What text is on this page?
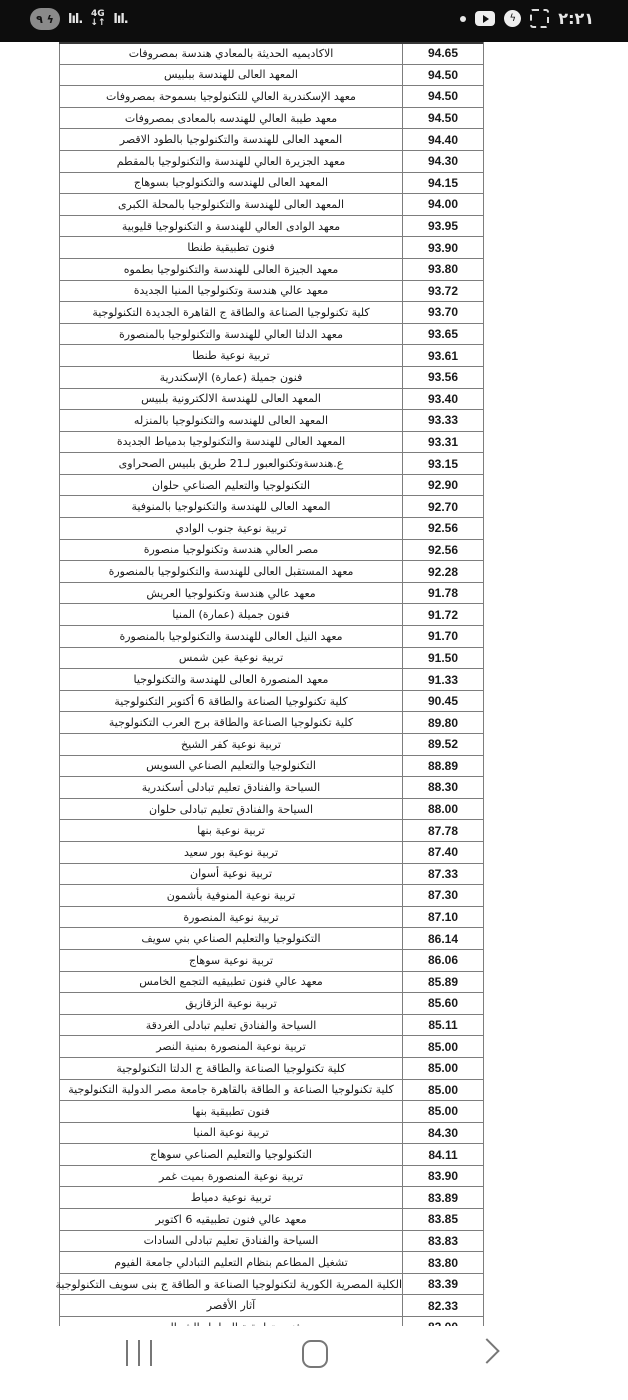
٩ ϟ	lıl. 4G
↓↑ lıl.	ϟ	٢:٢١
الاكاديميه الحديثة بالمعادي هندسة بمصروفات	94.65
المعهد العالى للهندسة ببلبيس	94.50
معهد الإسكندرية العالي للتكنولوجيا بسموحة بمصروفات	94.50
معهد طيبة العالي للهندسه بالمعادى بمصروفات	94.50
المعهد العالى للهندسة والتكنولوجيا بالطود الاقصر	94.40
معهد الجزيرة العالي للهندسة والتكنولوجيا بالمقطم	94.30
المعهد العالى للهندسه والتكنولوجيا بسوهاج	94.15
المعهد العالى للهندسة والتكنولوجيا بالمحلة الكبرى	94.00
معهد الوادى العالي للهندسة و التكنولوجيا قليوبية	93.95
فنون تطبيقية طنطا	93.90
معهد الجيزة العالى للهندسة والتكنولوجيا بطموه	93.80
معهد عالي هندسة وتكنولوجيا المنيا الجديدة	93.72
كلية تكنولوجيا الصناعة والطاقة ج القاهرة الجديدة التكنولوجية	93.70
معهد الدلتا العالي للهندسة والتكنولوجيا بالمنصورة	93.65
تربية نوعية طنطا	93.61
فنون جميلة (عمارة) الإسكندرية	93.56
المعهد العالى للهندسة الالكترونية بلبيس	93.40
المعهد العالى للهندسه والتكنولوجيا بالمنزله	93.33
المعهد العالى للهندسة والتكنولوجيا بدمياط الجديدة	93.31
ع.هندسةوتكنوالعبور لـ21 طريق بلبيس الصحراوى	93.15
التكنولوجيا والتعليم الصناعي حلوان	92.90
المعهد العالى للهندسة والتكنولوجيا بالمنوفية	92.70
تربية نوعية جنوب الوادي	92.56
مصر العالي هندسة وتكنولوجيا منصورة	92.56
معهد المستقبل العالى للهندسة والتكنولوجيا بالمنصورة	92.28
معهد عالي هندسة وتكنولوجيا العريش	91.78
فنون جميلة (عمارة) المنيا	91.72
معهد النيل العالى للهندسة والتكنولوجيا بالمنصورة	91.70
تربية نوعية عين شمس	91.50
معهد المنصورة العالى للهندسة والتكنولوجيا	91.33
كلية تكنولوجيا الصناعة والطاقة 6 أكتوبر التكنولوجية	90.45
كلية تكنولوجيا الصناعة والطاقة برج العرب التكنولوجية	89.80
تربية نوعية كفر الشيخ	89.52
التكنولوجيا والتعليم الصناعي السويس	88.89
السياحة والفنادق تعليم تبادلى أسكندرية	88.30
السياحة والفنادق تعليم تبادلى حلوان	88.00
تربية نوعية بنها	87.78
تربية نوعية بور سعيد	87.40
تربية نوعية أسوان	87.33
تربية نوعية المنوفية بأشمون	87.30
تربية نوعية المنصورة	87.10
التكنولوجيا والتعليم الصناعي بني سويف	86.14
تربية نوعية سوهاج	86.06
معهد عالي فنون تطبيقيه التجمع الخامس	85.89
تربية نوعية الزقازيق	85.60
السياحة والفنادق تعليم تبادلى الغردقة	85.11
تربية نوعية المنصورة بمنية النصر	85.00
كلية تكنولوجيا الصناعة والطاقة ج الدلتا التكنولوجية	85.00
كلية تكنولوجيا الصناعة و الطاقة بالقاهرة جامعة مصر الدولية التكنولوجية	85.00
فنون تطبيقية بنها	85.00
تربية نوعية المنيا	84.30
التكنولوجيا والتعليم الصناعي سوهاج	84.11
تربية نوعية المنصورة بميت غمر	83.90
تربية نوعية دمياط	83.89
معهد عالي فنون تطبيقيه 6 اكتوبر	83.85
السياحة والفنادق تعليم تبادلى السادات	83.83
تشغيل المطاعم بنظام التعليم التبادلي جامعة الفيوم	83.80
الكلية المصرية الكورية لتكنولوجيا الصناعة و الطاقة ج بنى سويف التكنولوجية	83.39
آثار الأقصر	82.33
